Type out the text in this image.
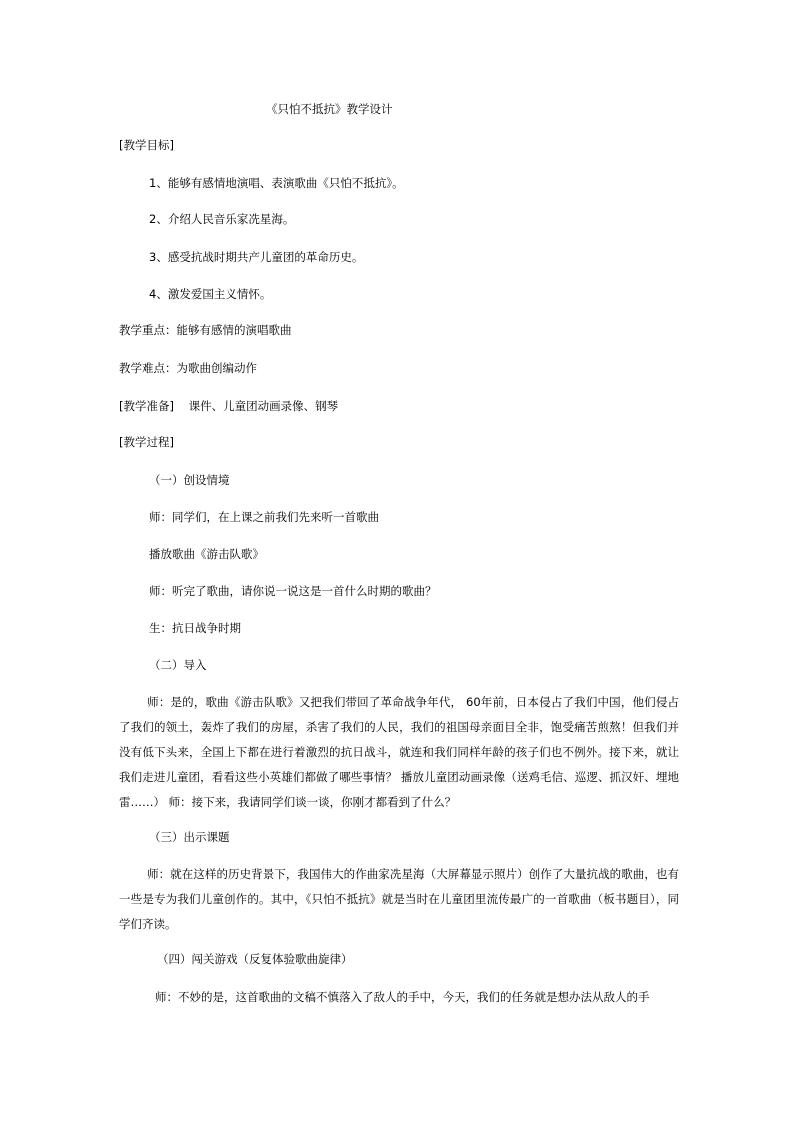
《只怕不抵抗》教学设计
[教学目标]
1、能够有感情地演唱、表演歌曲《只怕不抵抗》。
2、介绍人民音乐家冼星海。
3、感受抗战时期共产儿童团的革命历史。
4、激发爱国主义情怀。
教学重点：能够有感情的演唱歌曲
教学难点：为歌曲创编动作
[教学准备]    课件、儿童团动画录像、钢琴
[教学过程]
（一）创设情境
师：同学们，在上课之前我们先来听一首歌曲
播放歌曲《游击队歌》
师：听完了歌曲，请你说一说这是一首什么时期的歌曲？
生：抗日战争时期
（二）导入
师：是的，歌曲《游击队歌》又把我们带回了革命战争年代， 60年前，日本侵占了我们中国，他们侵占了我们的领土，轰炸了我们的房屋，杀害了我们的人民，我们的祖国母亲面目全非，饱受痛苦煎熬！但我们并没有低下头来，全国上下都在进行着激烈的抗日战斗，就连和我们同样年龄的孩子们也不例外。接下来，就让我们走进儿童团，看看这些小英雄们都做了哪些事情？ 播放儿童团动画录像（送鸡毛信、巡逻、抓汉奸、埋地雷……） 师：接下来，我请同学们谈一谈，你刚才都看到了什么？
（三）出示课题
师：就在这样的历史背景下，我国伟大的作曲家冼星海（大屏幕显示照片）创作了大量抗战的歌曲，也有一些是专为我们儿童创作的。其中，《只怕不抵抗》就是当时在儿童团里流传最广的一首歌曲（板书题目），同学们齐读。
（四）闯关游戏（反复体验歌曲旋律）
师：不妙的是，这首歌曲的文稿不慎落入了敌人的手中，今天，我们的任务就是想办法从敌人的手
